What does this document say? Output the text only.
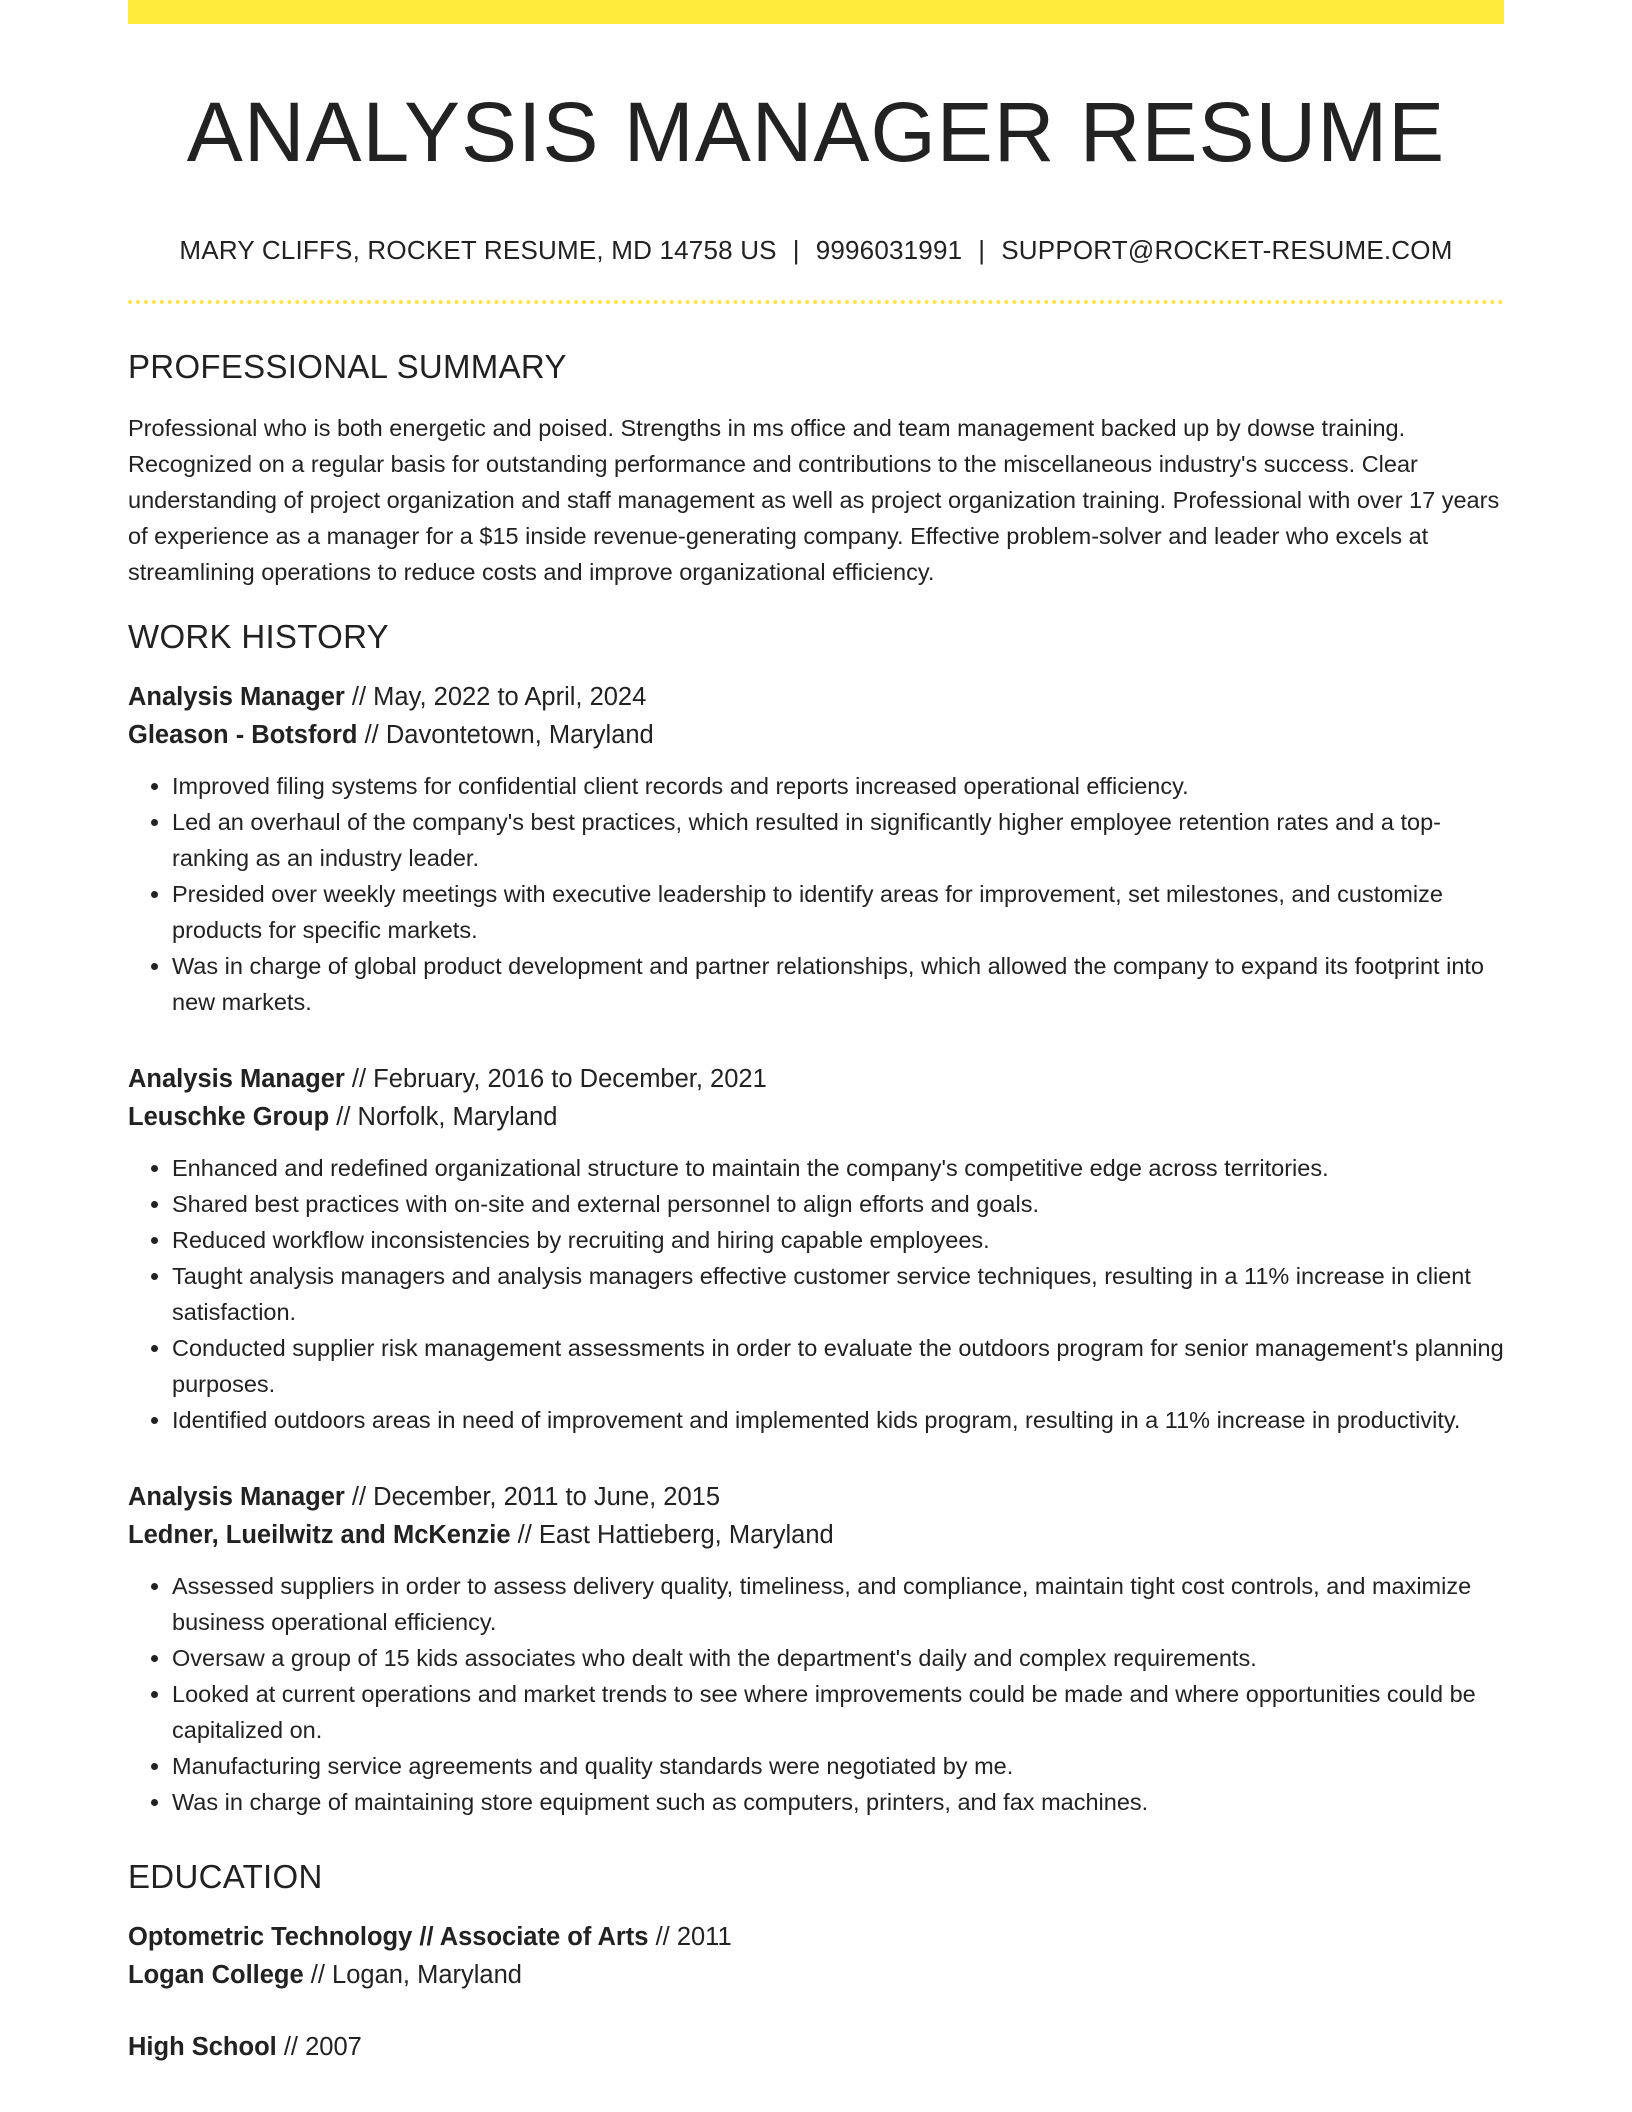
ANALYSIS MANAGER RESUME
MARY CLIFFS, ROCKET RESUME, MD 14758 US | 9996031991 | SUPPORT@ROCKET-RESUME.COM
PROFESSIONAL SUMMARY
Professional who is both energetic and poised. Strengths in ms office and team management backed up by dowse training. Recognized on a regular basis for outstanding performance and contributions to the miscellaneous industry's success. Clear understanding of project organization and staff management as well as project organization training. Professional with over 17 years of experience as a manager for a $15 inside revenue-generating company. Effective problem-solver and leader who excels at streamlining operations to reduce costs and improve organizational efficiency.
WORK HISTORY
Analysis Manager // May, 2022 to April, 2024
Gleason - Botsford // Davontetown, Maryland
• Improved filing systems for confidential client records and reports increased operational efficiency.
• Led an overhaul of the company's best practices, which resulted in significantly higher employee retention rates and a top-ranking as an industry leader.
• Presided over weekly meetings with executive leadership to identify areas for improvement, set milestones, and customize products for specific markets.
• Was in charge of global product development and partner relationships, which allowed the company to expand its footprint into new markets.
Analysis Manager // February, 2016 to December, 2021
Leuschke Group // Norfolk, Maryland
• Enhanced and redefined organizational structure to maintain the company's competitive edge across territories.
• Shared best practices with on-site and external personnel to align efforts and goals.
• Reduced workflow inconsistencies by recruiting and hiring capable employees.
• Taught analysis managers and analysis managers effective customer service techniques, resulting in a 11% increase in client satisfaction.
• Conducted supplier risk management assessments in order to evaluate the outdoors program for senior management's planning purposes.
• Identified outdoors areas in need of improvement and implemented kids program, resulting in a 11% increase in productivity.
Analysis Manager // December, 2011 to June, 2015
Ledner, Lueilwitz and McKenzie // East Hattieberg, Maryland
• Assessed suppliers in order to assess delivery quality, timeliness, and compliance, maintain tight cost controls, and maximize business operational efficiency.
• Oversaw a group of 15 kids associates who dealt with the department's daily and complex requirements.
• Looked at current operations and market trends to see where improvements could be made and where opportunities could be capitalized on.
• Manufacturing service agreements and quality standards were negotiated by me.
• Was in charge of maintaining store equipment such as computers, printers, and fax machines.
EDUCATION
Optometric Technology // Associate of Arts // 2011
Logan College // Logan, Maryland
High School // 2007
